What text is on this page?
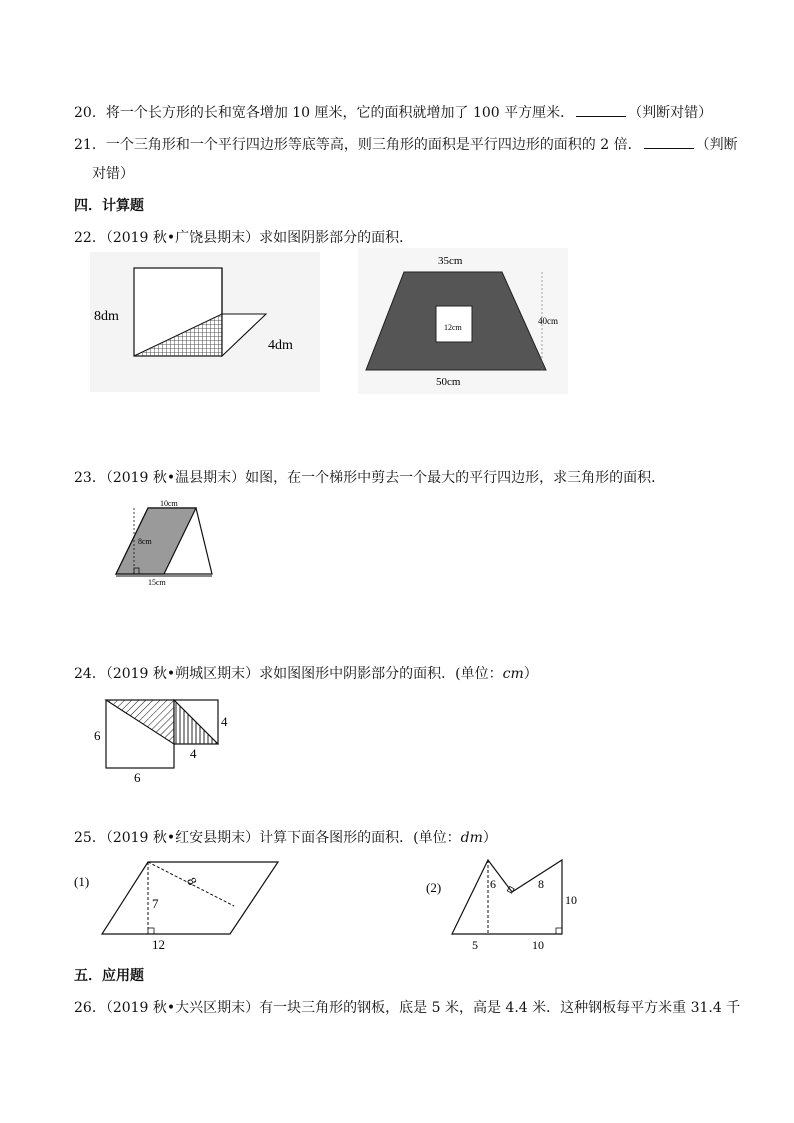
20．将一个长方形的长和宽各增加 10 厘米，它的面积就增加了 100 平方厘米．	（判断对错）
21．一个三角形和一个平行四边形等底等高，则三角形的面积是平行四边形的面积的 2 倍．	（判断
对错）
四．计算题
22．（2019 秋•广饶县期末）求如图阴影部分的面积．
8dm
4dm
35cm
40cm
12cm
50cm
23．（2019 秋•温县期末）如图，在一个梯形中剪去一个最大的平行四边形，求三角形的面积．
10cm
8cm
15cm
24．（2019 秋•朔城区期末）求如图图形中阴影部分的面积．(单位：cm）
6
6
4
4
25．（2019 秋•红安县期末）计算下面各图形的面积．(单位：dm）
(1)	8
7
12
(2)	6	8
10
5	10
五．应用题
26．（2019 秋•大兴区期末）有一块三角形的钢板，底是 5 米，高是 4.4 米．这种钢板每平方米重 31.4 千
